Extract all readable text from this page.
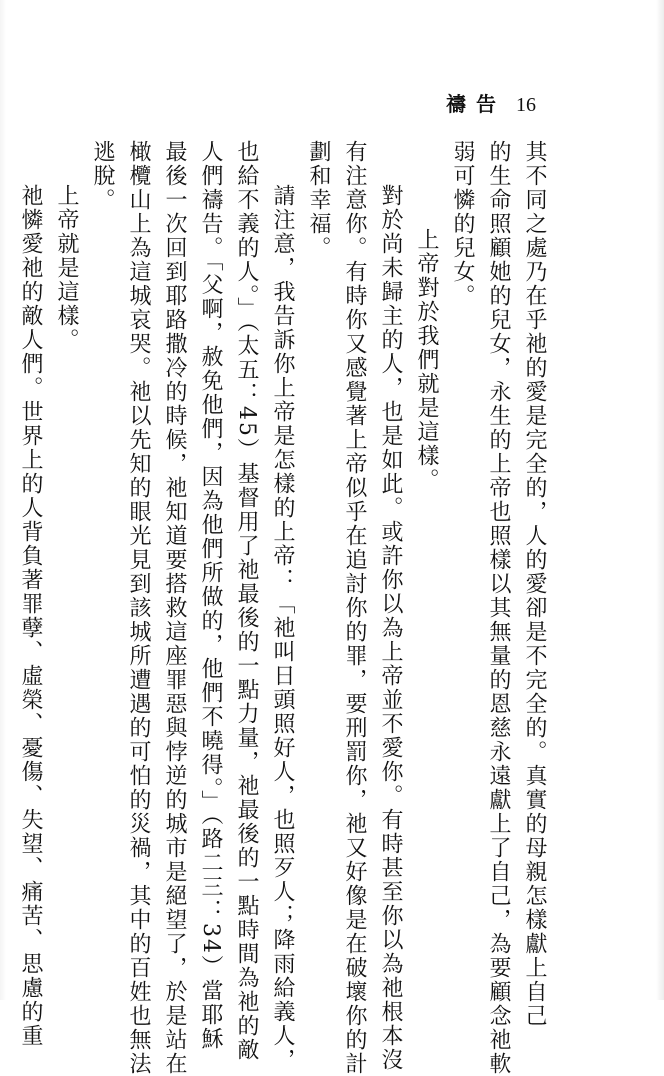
禱告 16
其不同之處乃在乎祂的愛是完全的，人的愛卻是不完全的。真實的母親怎樣獻上自己
的生命照顧她的兒女，永生的上帝也照樣以其無量的恩慈永遠獻上了自己，為要顧念祂軟
弱可憐的兒女。
上帝對於我們就是這樣。
對於尚未歸主的人，也是如此。或許你以為上帝並不愛你。有時甚至你以為祂根本沒
有注意你。有時你又感覺著上帝似乎在追討你的罪，要刑罰你，祂又好像是在破壞你的計
劃和幸福。
請注意，我告訴你上帝是怎樣的上帝：「祂叫日頭照好人，也照歹人；降雨給義人，
也給不義的人。」（太五：45）基督用了祂最後的一點力量，祂最後的一點時間為祂的敵
人們禱告。「父啊，赦免他們，因為他們所做的，他們不曉得。」（路二三：34）當耶穌
最後一次回到耶路撒冷的時候，祂知道要搭救這座罪惡與悖逆的城市是絕望了，於是站在
橄欖山上為這城哀哭。祂以先知的眼光見到該城所遭遇的可怕的災禍，其中的百姓也無法
逃脫。
上帝就是這樣。
祂憐愛祂的敵人們。世界上的人背負著罪孽、虛榮、憂傷、失望、痛苦、思慮的重
